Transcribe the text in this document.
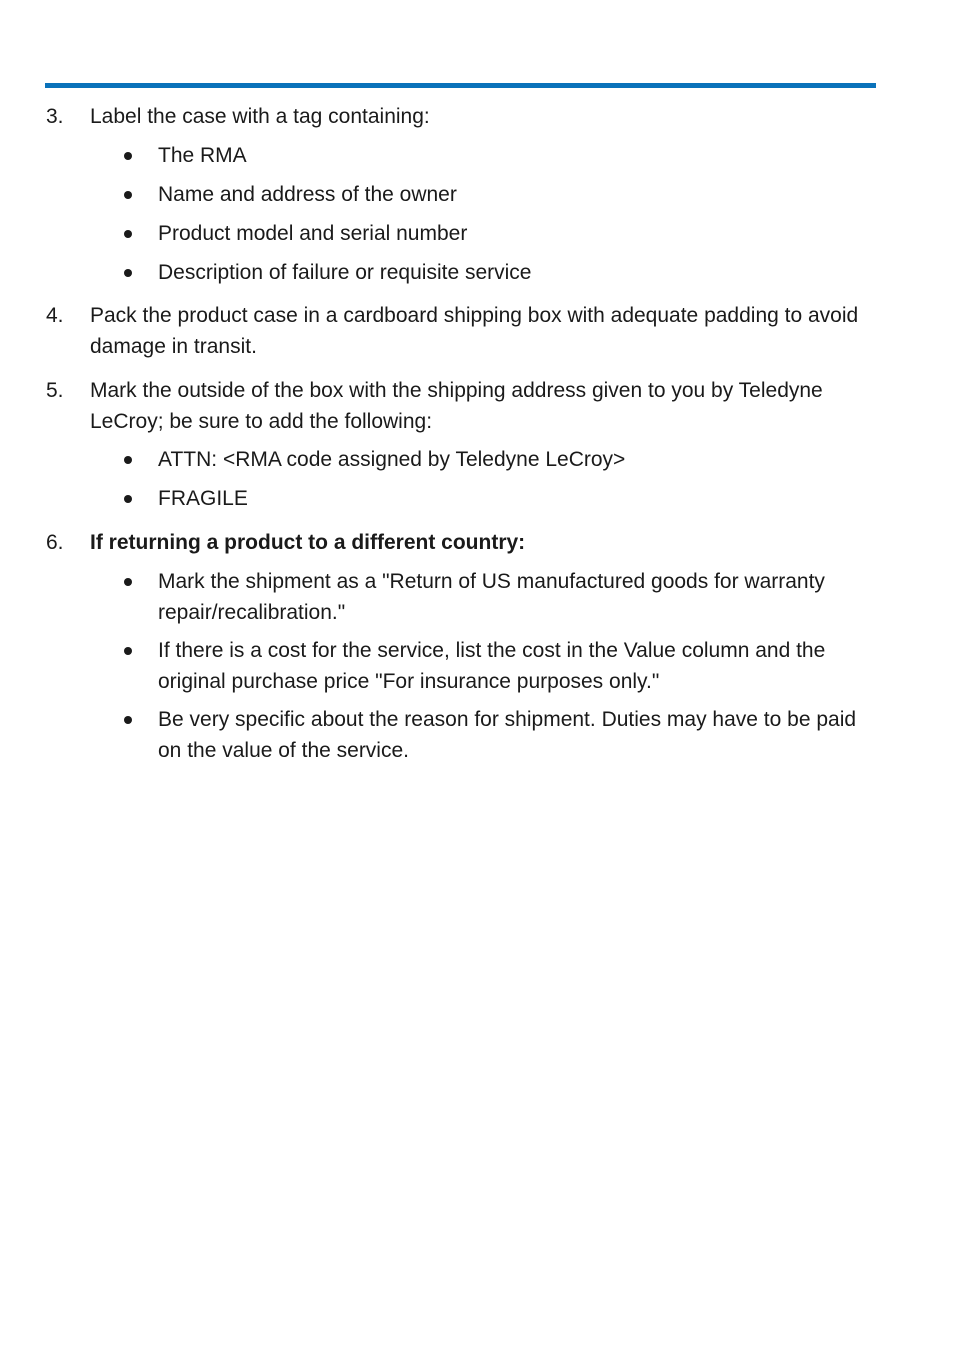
3. Label the case with a tag containing:
The RMA
Name and address of the owner
Product model and serial number
Description of failure or requisite service
4. Pack the product case in a cardboard shipping box with adequate padding to avoid damage in transit.
5. Mark the outside of the box with the shipping address given to you by Teledyne LeCroy; be sure to add the following:
ATTN: <RMA code assigned by Teledyne LeCroy>
FRAGILE
6. If returning a product to a different country:
Mark the shipment as a "Return of US manufactured goods for warranty repair/recalibration."
If there is a cost for the service, list the cost in the Value column and the original purchase price "For insurance purposes only."
Be very specific about the reason for shipment. Duties may have to be paid on the value of the service.
